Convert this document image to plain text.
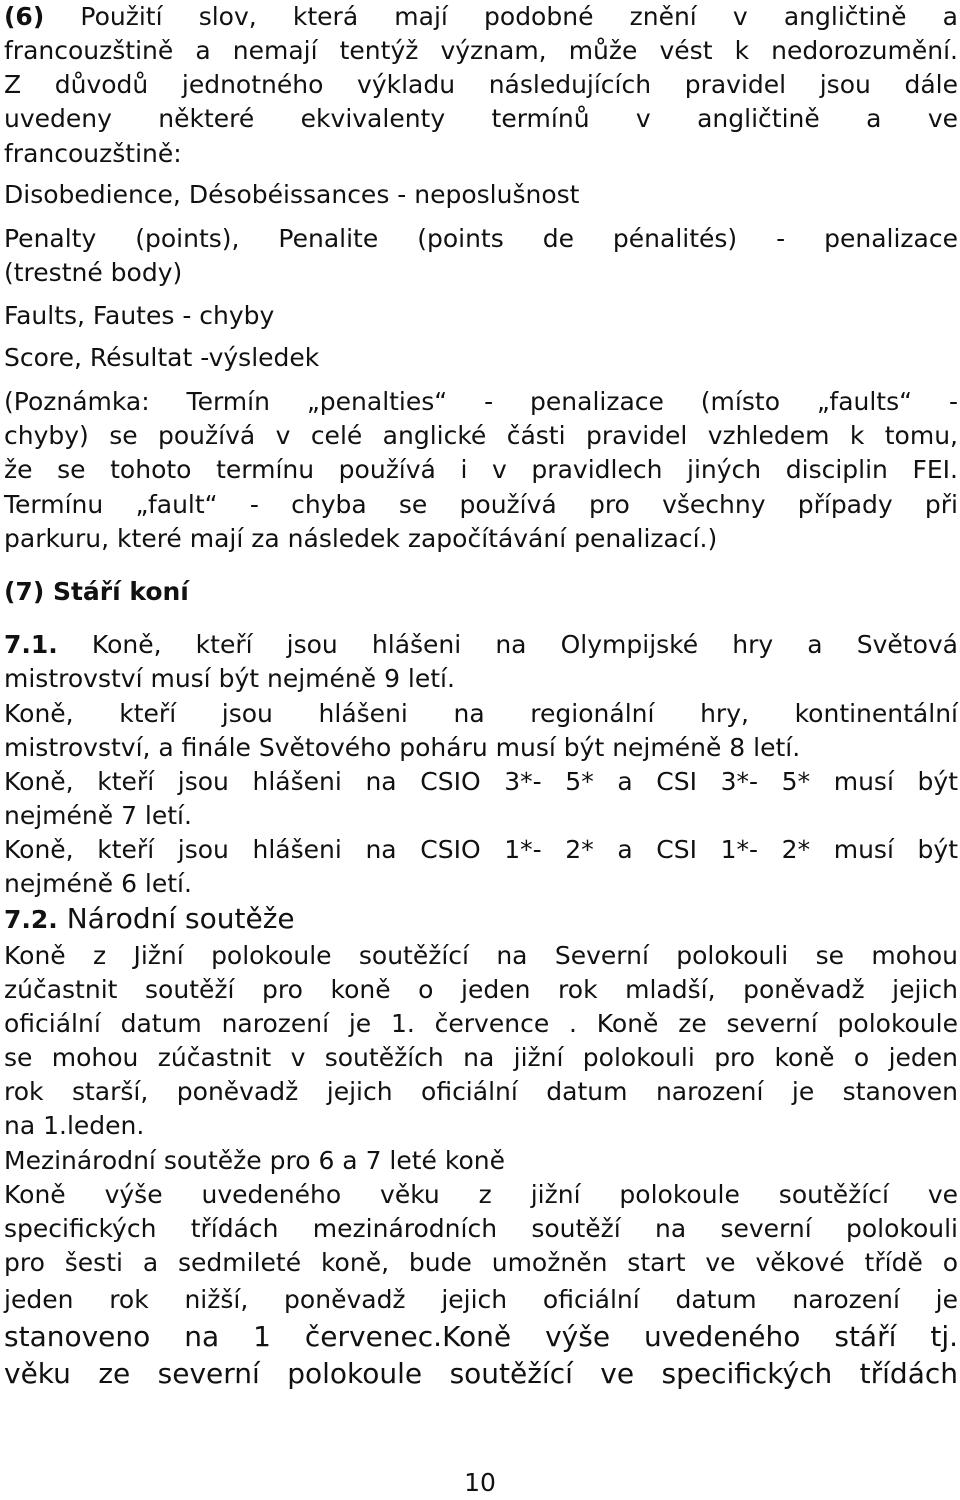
(6) Použití slov, která mají podobné znění v angličtině a
francouzštině a nemají tentýž význam, může vést k nedorozumění.
Z důvodů jednotného výkladu následujících pravidel jsou dále
uvedeny některé ekvivalenty termínů v angličtině a ve
francouzštině:
Disobedience, Désobéissances - neposlušnost
Penalty (points), Penalite (points de pénalités) - penalizace
(trestné body)
Faults, Fautes - chyby
Score, Résultat -výsledek
(Poznámka: Termín „penalties“ - penalizace (místo „faults“ -
chyby) se používá v celé anglické části pravidel vzhledem k tomu,
že se tohoto termínu používá i v pravidlech jiných disciplin FEI.
Termínu „fault“ - chyba se používá pro všechny případy při
parkuru, které mají za následek započítávání penalizací.)
(7) Stáří koní
7.1. Koně, kteří jsou hlášeni na Olympijské hry a Světová
mistrovství musí být nejméně 9 letí.
Koně, kteří jsou hlášeni na regionální hry, kontinentální
mistrovství, a finále Světového poháru musí být nejméně 8 letí.
Koně, kteří jsou hlášeni na CSIO 3*- 5* a CSI 3*- 5* musí být
nejméně 7 letí.
Koně, kteří jsou hlášeni na CSIO 1*- 2* a CSI 1*- 2* musí být
nejméně 6 letí.
7.2. Národní soutěže
Koně z Jižní polokoule soutěžící na Severní polokouli se mohou
zúčastnit soutěží pro koně o jeden rok mladší, poněvadž jejich
oficiální datum narození je 1. července . Koně ze severní polokoule
se mohou zúčastnit v soutěžích na jižní polokouli pro koně o jeden
rok starší, poněvadž jejich oficiální datum narození je stanoven
na 1.leden.
Mezinárodní soutěže pro 6 a 7 leté koně
Koně výše uvedeného věku z jižní polokoule soutěžící ve
specifických třídách mezinárodních soutěží na severní polokouli
pro šesti a sedmileté koně, bude umožněn start ve věkové třídě o
jeden rok nižší, poněvadž jejich oficiální datum narození je
stanoveno na 1 červenec.Koně výše uvedeného stáří tj.
věku ze severní polokoule soutěžící ve specifických třídách
10
